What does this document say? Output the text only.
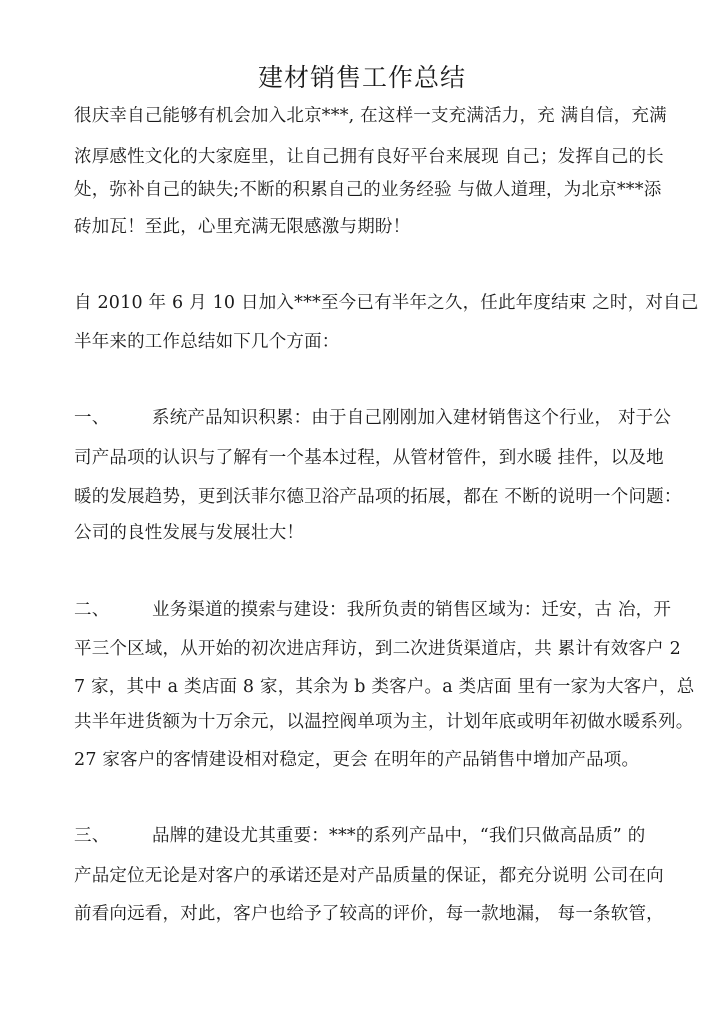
建材销售工作总结
很庆幸自己能够有机会加入北京***, 在这样一支充满活力，充 满自信，充满
浓厚感性文化的大家庭里，让自己拥有良好平台来展现 自己；发挥自己的长
处，弥补自己的缺失;不断的积累自己的业务经验 与做人道理，为北京***添
砖加瓦！至此，心里充满无限感激与期盼！
自 2010 年 6 月 10 日加入***至今已有半年之久，任此年度结束 之时，对自己
半年来的工作总结如下几个方面：
一、 系统产品知识积累：由于自己刚刚加入建材销售这个行业， 对于公
司产品项的认识与了解有一个基本过程，从管材管件，到水暖 挂件，以及地
暖的发展趋势，更到沃菲尔德卫浴产品项的拓展，都在 不断的说明一个问题：
公司的良性发展与发展壮大！
二、 业务渠道的摸索与建设：我所负责的销售区域为：迁安，古 冶，开
平三个区域，从开始的初次进店拜访，到二次进货渠道店，共 累计有效客户 2
7 家，其中 a 类店面 8 家，其余为 b 类客户。a 类店面 里有一家为大客户，总
共半年进货额为十万余元，以温控阀单项为主，计划年底或明年初做水暖系列。
27 家客户的客情建设相对稳定，更会 在明年的产品销售中增加产品项。
三、 品牌的建设尤其重要：***的系列产品中，“我们只做高品质” 的
产品定位无论是对客户的承诺还是对产品质量的保证，都充分说明 公司在向
前看向远看，对此，客户也给予了较高的评价，每一款地漏， 每一条软管，
